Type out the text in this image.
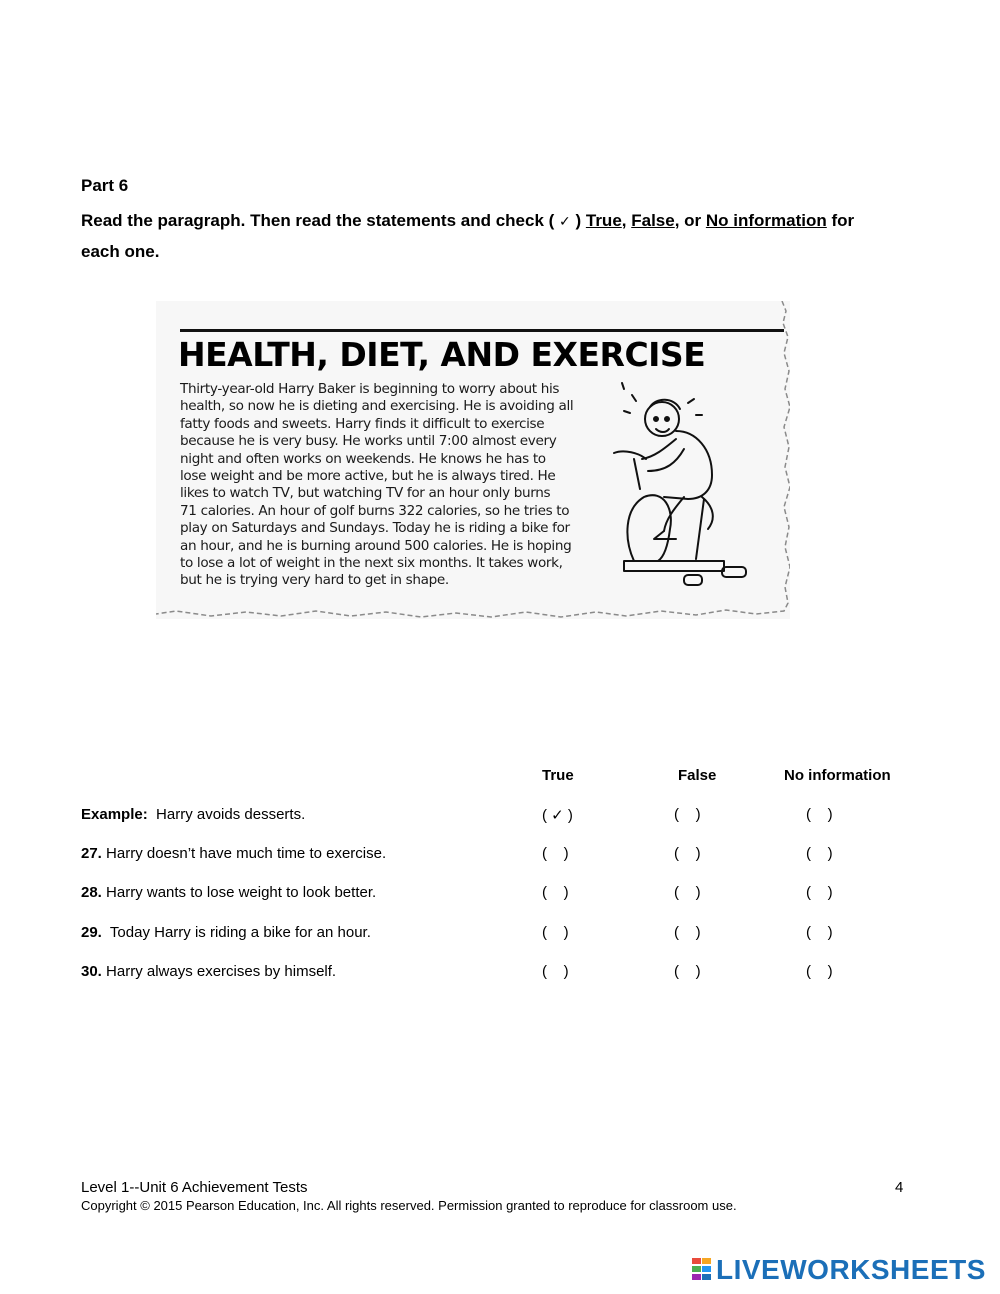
Part 6
Read the paragraph. Then read the statements and check ( ✓ ) True, False, or No information for each one.
HEALTH, DIET, AND EXERCISE
Thirty-year-old Harry Baker is beginning to worry about his
health, so now he is dieting and exercising. He is avoiding all
fatty foods and sweets. Harry finds it difficult to exercise
because he is very busy. He works until 7:00 almost every
night and often works on weekends. He knows he has to
lose weight and be more active, but he is always tired. He
likes to watch TV, but watching TV for an hour only burns
71 calories. An hour of golf burns 322 calories, so he tries to
play on Saturdays and Sundays. Today he is riding a bike for
an hour, and he is burning around 500 calories. He is hoping
to lose a lot of weight in the next six months. It takes work,
but he is trying very hard to get in shape.
True	False	No information
Example:  Harry avoids desserts.	( ✓ )	(    )	(    )
27. Harry doesn’t have much time to exercise.	(    )	(    )	(    )
28. Harry wants to lose weight to look better.	(    )	(    )	(    )
29.  Today Harry is riding a bike for an hour.	(    )	(    )	(    )
30. Harry always exercises by himself.	(    )	(    )	(    )
Level 1--Unit 6 Achievement Tests	4
Copyright © 2015 Pearson Education, Inc. All rights reserved. Permission granted to reproduce for classroom use.
LIVEWORKSHEETS
